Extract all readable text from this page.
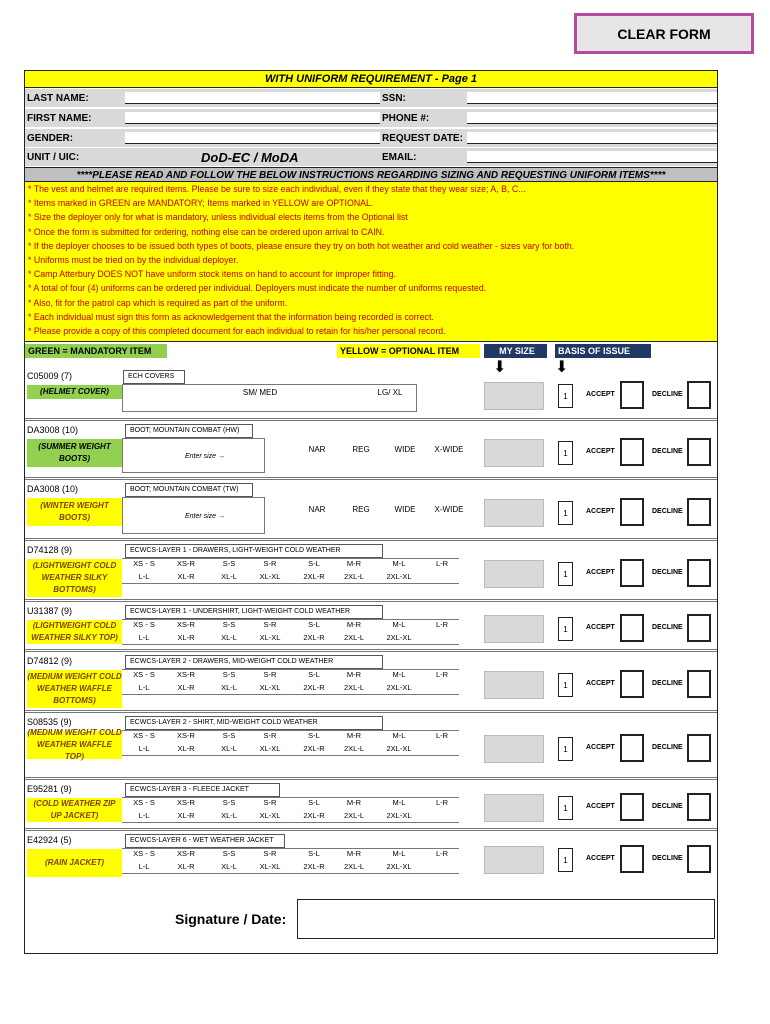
CLEAR FORM
WITH UNIFORM REQUIREMENT - Page 1
LAST NAME:	SSN:
FIRST NAME:	PHONE #:
GENDER:	REQUEST DATE:
UNIT / UIC:	DoD-EC / MoDA	EMAIL:
****PLEASE READ AND FOLLOW THE BELOW INSTRUCTIONS REGARDING SIZING AND REQUESTING UNIFORM ITEMS****
* The vest and helmet are required items. Please be sure to size each individual, even if they state that they wear size; A, B, C...
* Items marked in GREEN are MANDATORY; Items marked in YELLOW are OPTIONAL.
* Size the deployer only for what is mandatory, unless individual elects items from the Optional list
* Once the form is submitted for ordering, nothing else can be ordered upon arrival to CAIN.
* If the deployer chooses to be issued both types of boots, please ensure they try on both hot weather and cold weather - sizes vary for both.
* Uniforms must be tried on by the individual deployer.
* Camp Atterbury DOES NOT have uniform stock items on hand to account for improper fitting.
* A total of four (4) uniforms can be ordered per individual. Deployers must indicate the number of uniforms requested.
* Also, fit for the patrol cap which is required as part of the uniform.
* Each individual must sign this form as acknowledgement that the information being recorded is correct.
* Please provide a copy of this completed document for each individual to retain for his/her personal record.
GREEN = MANDATORY ITEM	YELLOW = OPTIONAL ITEM	MY SIZE	BASIS OF ISSUE
⬇	⬇
C05009 (7)
(HELMET COVER)
ECH COVERS
SM/ MED	LG/ XL	1	ACCEPT	DECLINE
DA3008 (10)
(SUMMER WEIGHT BOOTS)
BOOT; MOUNTAIN COMBAT (HW)
Enter size →
NAR	REG	WIDE	X-WIDE	1	ACCEPT	DECLINE
DA3008 (10)
(WINTER WEIGHT BOOTS)
BOOT; MOUNTAIN COMBAT (TW)
Enter size →
NAR	REG	WIDE	X-WIDE	1	ACCEPT	DECLINE
D74128 (9)
(LIGHTWEIGHT COLD WEATHER SILKY BOTTOMS)
ECWCS-LAYER 1 - DRAWERS, LIGHT-WEIGHT COLD WEATHER
XS - S	XS-R	S-S	S-R	S-L	M-R	M-L	L-R
L-L	XL-R	XL-L	XL-XL	2XL-R	2XL-L	2XL-XL	1	ACCEPT	DECLINE
U31387 (9)
(LIGHTWEIGHT COLD WEATHER SILKY TOP)
ECWCS-LAYER 1 - UNDERSHIRT, LIGHT-WEIGHT COLD WEATHER
XS - S	XS-R	S-S	S-R	S-L	M-R	M-L	L-R
L-L	XL-R	XL-L	XL-XL	2XL-R	2XL-L	2XL-XL
1	ACCEPT	DECLINE
D74812 (9)
(MEDIUM WEIGHT COLD WEATHER WAFFLE BOTTOMS)
ECWCS-LAYER 2 - DRAWERS, MID-WEIGHT COLD WEATHER
XS - S	XS-R	S-S	S-R	S-L	M-R	M-L	L-R
L-L	XL-R	XL-L	XL-XL	2XL-R	2XL-L	2XL-XL	1	ACCEPT	DECLINE
S08535 (9)
(MEDIUM WEIGHT COLD WEATHER WAFFLE TOP)
ECWCS-LAYER 2 - SHIRT, MID-WEIGHT COLD WEATHER
XS - S	XS-R	S-S	S-R	S-L	M-R	M-L	L-R
L-L	XL-R	XL-L	XL-XL	2XL-R	2XL-L	2XL-XL	1	ACCEPT	DECLINE
E95281 (9)
(COLD WEATHER ZIP UP JACKET)
ECWCS-LAYER 3 - FLEECE JACKET
XS - S	XS-R	S-S	S-R	S-L	M-R	M-L	L-R
L-L	XL-R	XL-L	XL-XL	2XL-R	2XL-L	2XL-XL
1	ACCEPT	DECLINE
E42924 (5)
(RAIN JACKET)
ECWCS-LAYER 6 - WET WEATHER JACKET
XS - S	XS-R	S-S	S-R	S-L	M-R	M-L	L-R
L-L	XL-R	XL-L	XL-XL	2XL-R	2XL-L	2XL-XL
1	ACCEPT	DECLINE
Signature / Date:
